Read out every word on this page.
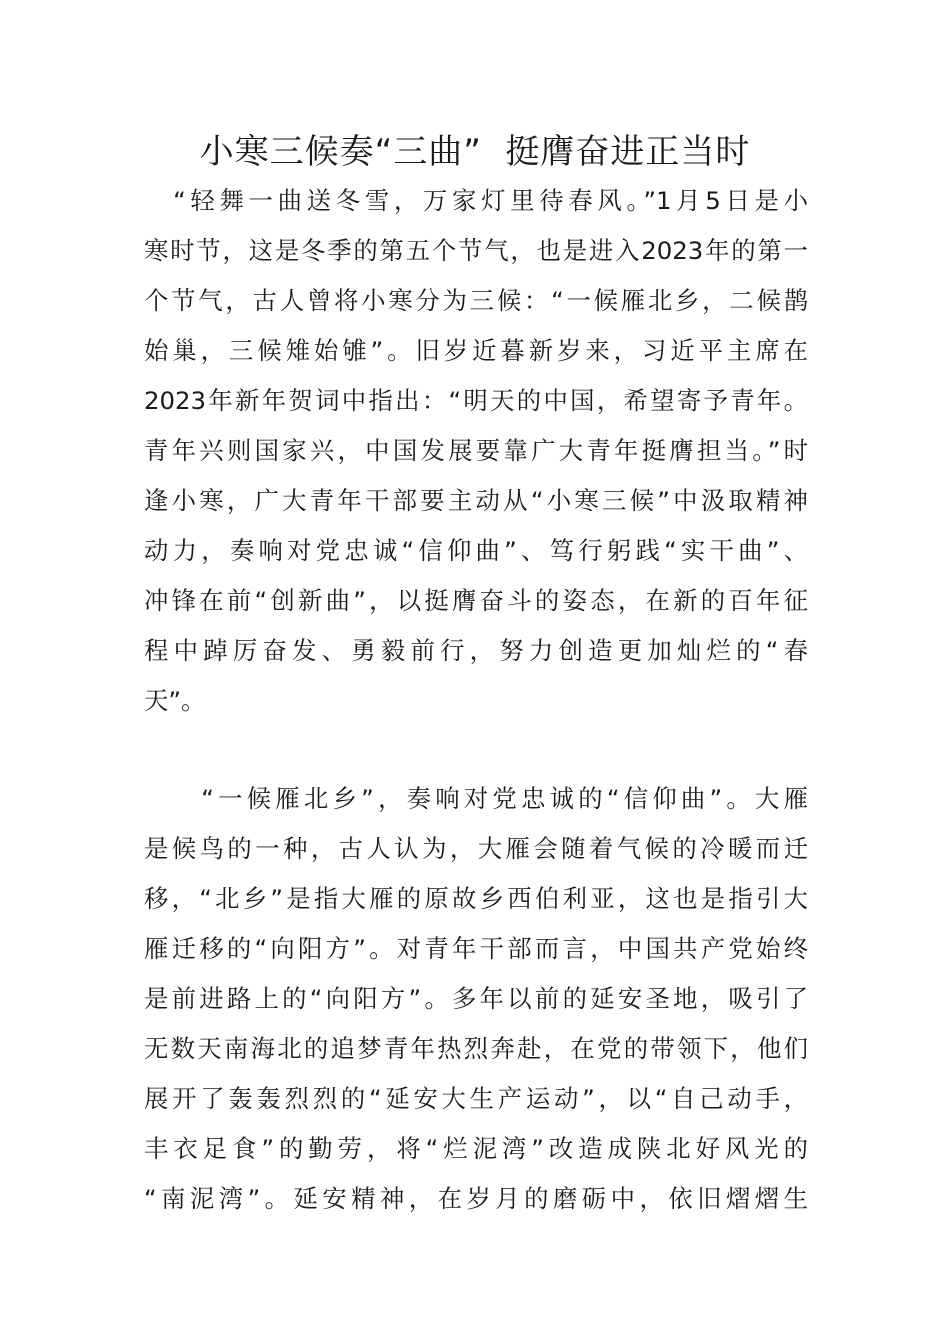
小寒三候奏“三曲”  挺膺奋进正当时
　“轻舞一曲送冬雪，万家灯里待春风。”1月5日是小
寒时节，这是冬季的第五个节气，也是进入2023年的第一
个节气，古人曾将小寒分为三候：“一候雁北乡，二候鹊
始巢，三候雉始雊”。旧岁近暮新岁来，习近平主席在
2023年新年贺词中指出：“明天的中国，希望寄予青年。
青年兴则国家兴，中国发展要靠广大青年挺膺担当。”时
逢小寒，广大青年干部要主动从“小寒三候”中汲取精神
动力，奏响对党忠诚“信仰曲”、笃行躬践“实干曲”、
冲锋在前“创新曲”，以挺膺奋斗的姿态，在新的百年征
程中踔厉奋发、勇毅前行，努力创造更加灿烂的“春
天”。
　　“一候雁北乡”，奏响对党忠诚的“信仰曲”。大雁
是候鸟的一种，古人认为，大雁会随着气候的冷暖而迁
移，“北乡”是指大雁的原故乡西伯利亚，这也是指引大
雁迁移的“向阳方”。对青年干部而言，中国共产党始终
是前进路上的“向阳方”。多年以前的延安圣地，吸引了
无数天南海北的追梦青年热烈奔赴，在党的带领下，他们
展开了轰轰烈烈的“延安大生产运动”，以“自己动手，
丰衣足食”的勤劳，将“烂泥湾”改造成陕北好风光的
“南泥湾”。延安精神，在岁月的磨砺中，依旧熠熠生
